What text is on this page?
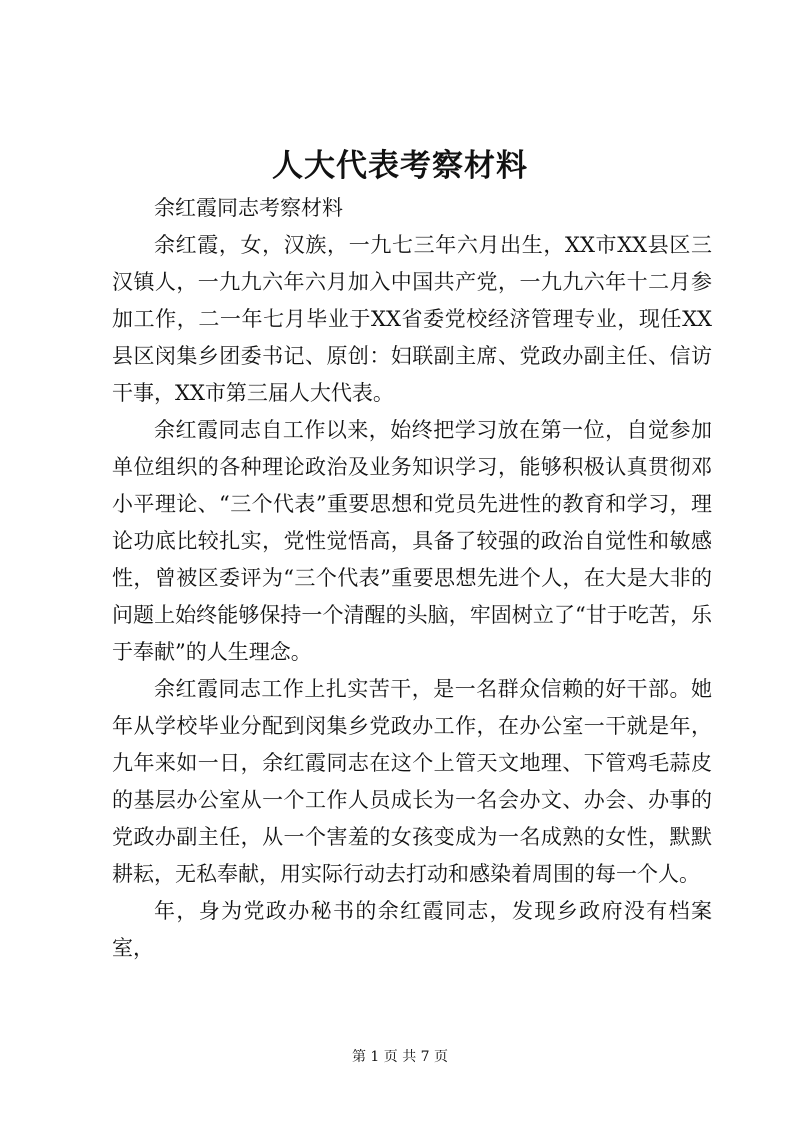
人大代表考察材料

余红霞同志考察材料

余红霞，女，汉族，一九七三年六月出生，XX市XX县区三汉镇人，一九九六年六月加入中国共产党，一九九六年十二月参加工作，二一年七月毕业于XX省委党校经济管理专业，现任XX县区闵集乡团委书记、原创：妇联副主席、党政办副主任、信访干事，XX市第三届人大代表。

余红霞同志自工作以来，始终把学习放在第一位，自觉参加单位组织的各种理论政治及业务知识学习，能够积极认真贯彻邓小平理论、“三个代表”重要思想和党员先进性的教育和学习，理论功底比较扎实，党性觉悟高，具备了较强的政治自觉性和敏感性，曾被区委评为“三个代表”重要思想先进个人，在大是大非的问题上始终能够保持一个清醒的头脑，牢固树立了“甘于吃苦，乐于奉献”的人生理念。

余红霞同志工作上扎实苦干，是一名群众信赖的好干部。她年从学校毕业分配到闵集乡党政办工作，在办公室一干就是年，九年来如一日，余红霞同志在这个上管天文地理、下管鸡毛蒜皮的基层办公室从一个工作人员成长为一名会办文、办会、办事的党政办副主任，从一个害羞的女孩变成为一名成熟的女性，默默耕耘，无私奉献，用实际行动去打动和感染着周围的每一个人。

年，身为党政办秘书的余红霞同志，发现乡政府没有档案室，

第 1 页 共 7 页
